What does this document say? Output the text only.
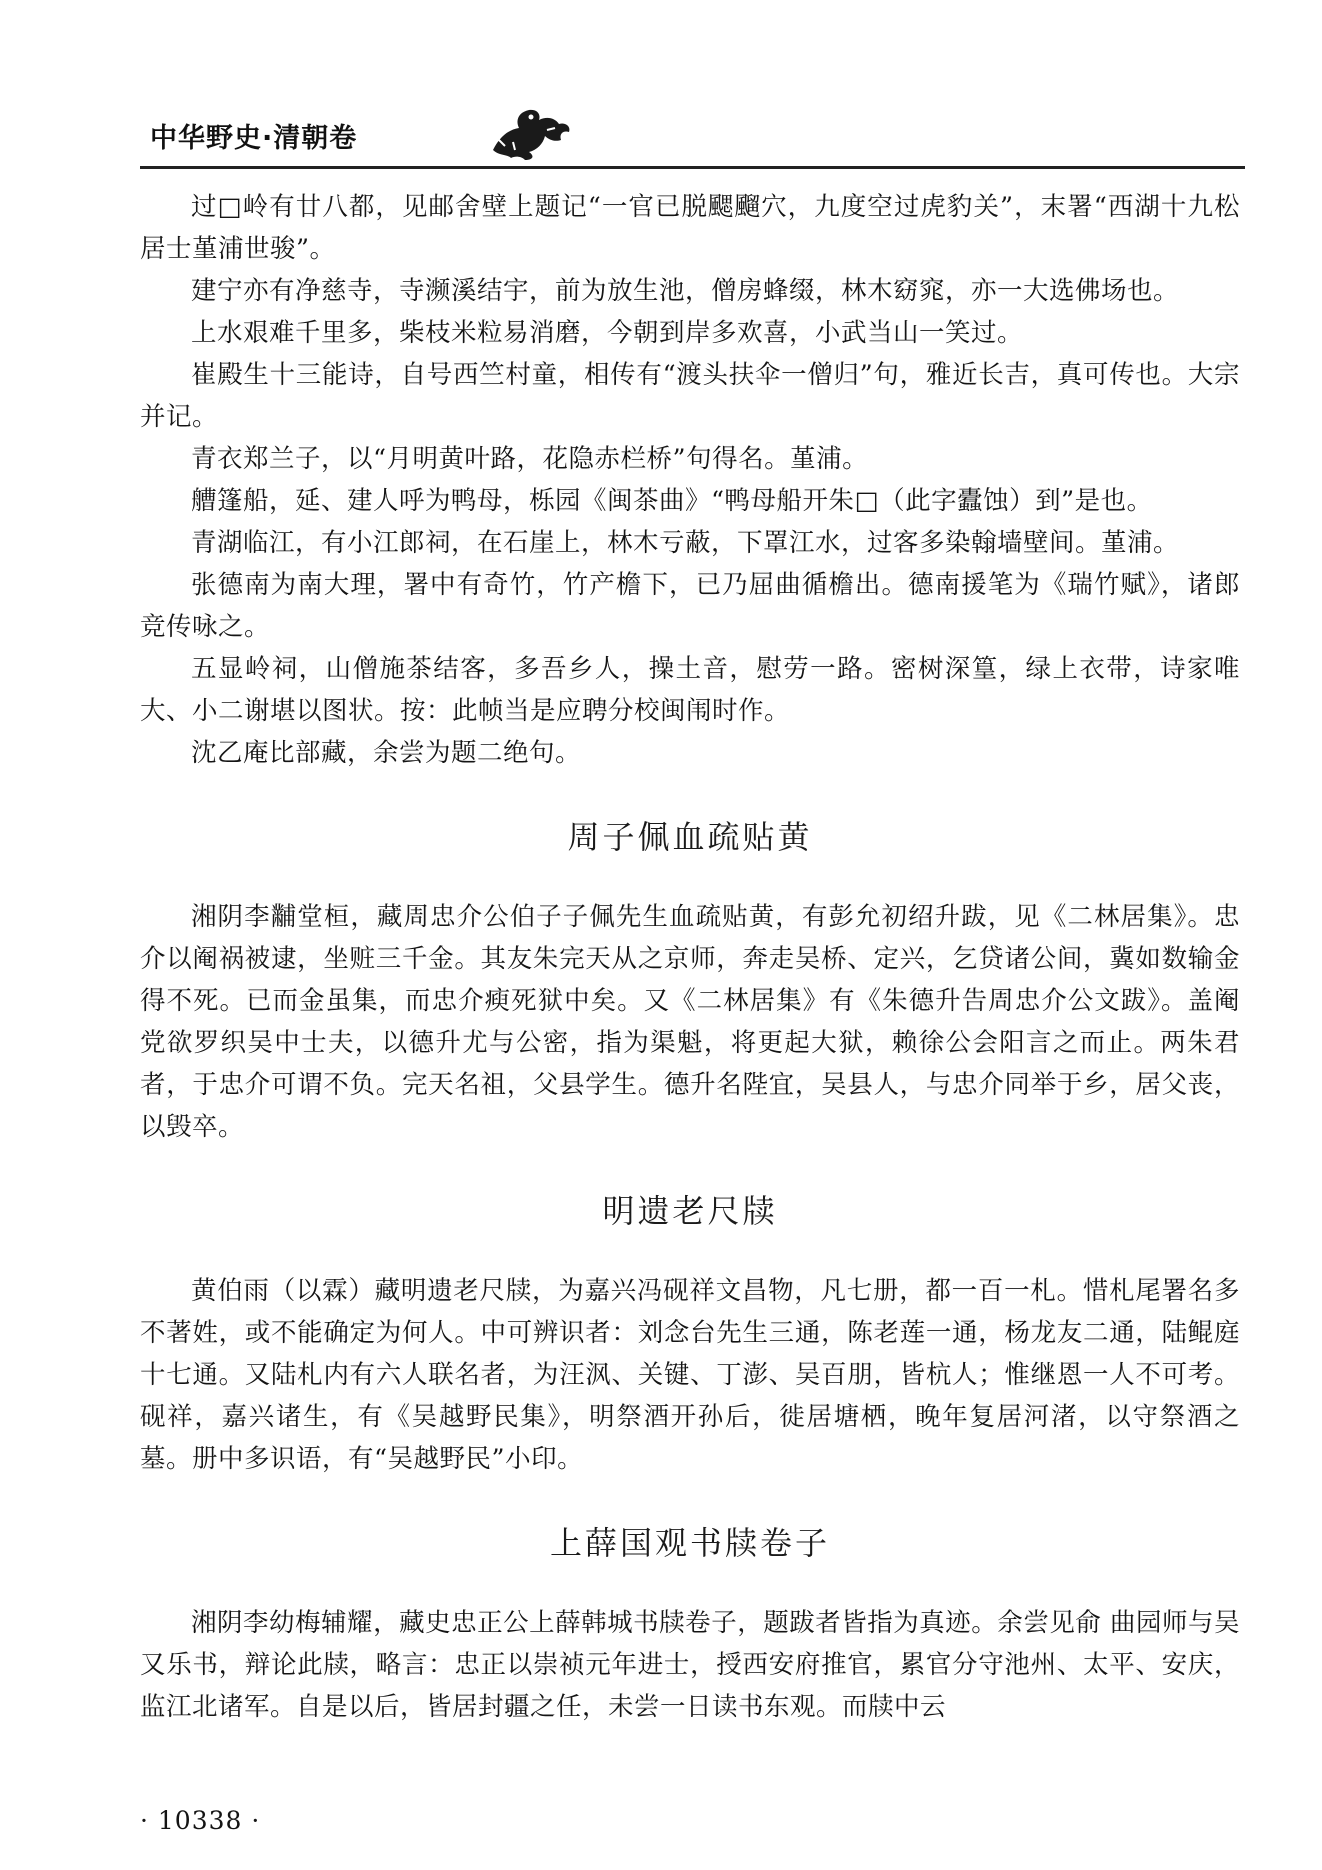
中华野史·清朝卷

过□岭有廿八都，见邮舍壁上题记“一官已脱颸飀穴，九度空过虎豹关”，末署“西湖十九松居士堇浦世骏”。

建宁亦有净慈寺，寺濒溪结宇，前为放生池，僧房蜂缀，林木窈窕，亦一大选佛场也。

上水艰难千里多，柴枝米粒易消磨，今朝到岸多欢喜，小武当山一笑过。

崔殿生十三能诗，自号西竺村童，相传有“渡头扶伞一僧归”句，雅近长吉，真可传也。大宗并记。

青衣郑兰子，以“月明黄叶路，花隐赤栏桥”句得名。堇浦。

艚篷船，延、建人呼为鸭母，栎园《闽茶曲》“鸭母船开朱□（此字蠹蚀）到”是也。

青湖临江，有小江郎祠，在石崖上，林木亏蔽，下罩江水，过客多染翰墙壁间。堇浦。

张德南为南大理，署中有奇竹，竹产檐下，已乃屈曲循檐出。德南援笔为《瑞竹赋》，诸郎竞传咏之。

五显岭祠，山僧施茶结客，多吾乡人，操土音，慰劳一路。密树深篁，绿上衣带，诗家唯大、小二谢堪以图状。按：此帧当是应聘分校闽闱时作。

沈乙庵比部藏，余尝为题二绝句。

周子佩血疏贴黄

湘阴李黼堂桓，藏周忠介公伯子子佩先生血疏贴黄，有彭允初绍升跋，见《二林居集》。忠介以阉祸被逮，坐赃三千金。其友朱完天从之京师，奔走吴桥、定兴，乞贷诸公间，冀如数输金得不死。已而金虽集，而忠介瘐死狱中矣。又《二林居集》有《朱德升告周忠介公文跋》。盖阉党欲罗织吴中士夫，以德升尤与公密，指为渠魁，将更起大狱，赖徐公会阳言之而止。两朱君者，于忠介可谓不负。完天名祖，父县学生。德升名陛宜，吴县人，与忠介同举于乡，居父丧，以毁卒。

明遗老尺牍

黄伯雨（以霖）藏明遗老尺牍，为嘉兴冯砚祥文昌物，凡七册，都一百一札。惜札尾署名多不著姓，或不能确定为何人。中可辨识者：刘念台先生三通，陈老莲一通，杨龙友二通，陆鲲庭十七通。又陆札内有六人联名者，为汪沨、关键、丁澎、吴百朋，皆杭人；惟继恩一人不可考。砚祥，嘉兴诸生，有《吴越野民集》，明祭酒开孙后，徙居塘栖，晚年复居河渚，以守祭酒之墓。册中多识语，有“吴越野民”小印。

上薛国观书牍卷子

湘阴李幼梅辅耀，藏史忠正公上薛韩城书牍卷子，题跋者皆指为真迹。余尝见俞 曲园师与吴又乐书，辩论此牍，略言：忠正以崇祯元年进士，授西安府推官，累官分守池州、太平、安庆，监江北诸军。自是以后，皆居封疆之任，未尝一日读书东观。而牍中云

· 10338 ·
